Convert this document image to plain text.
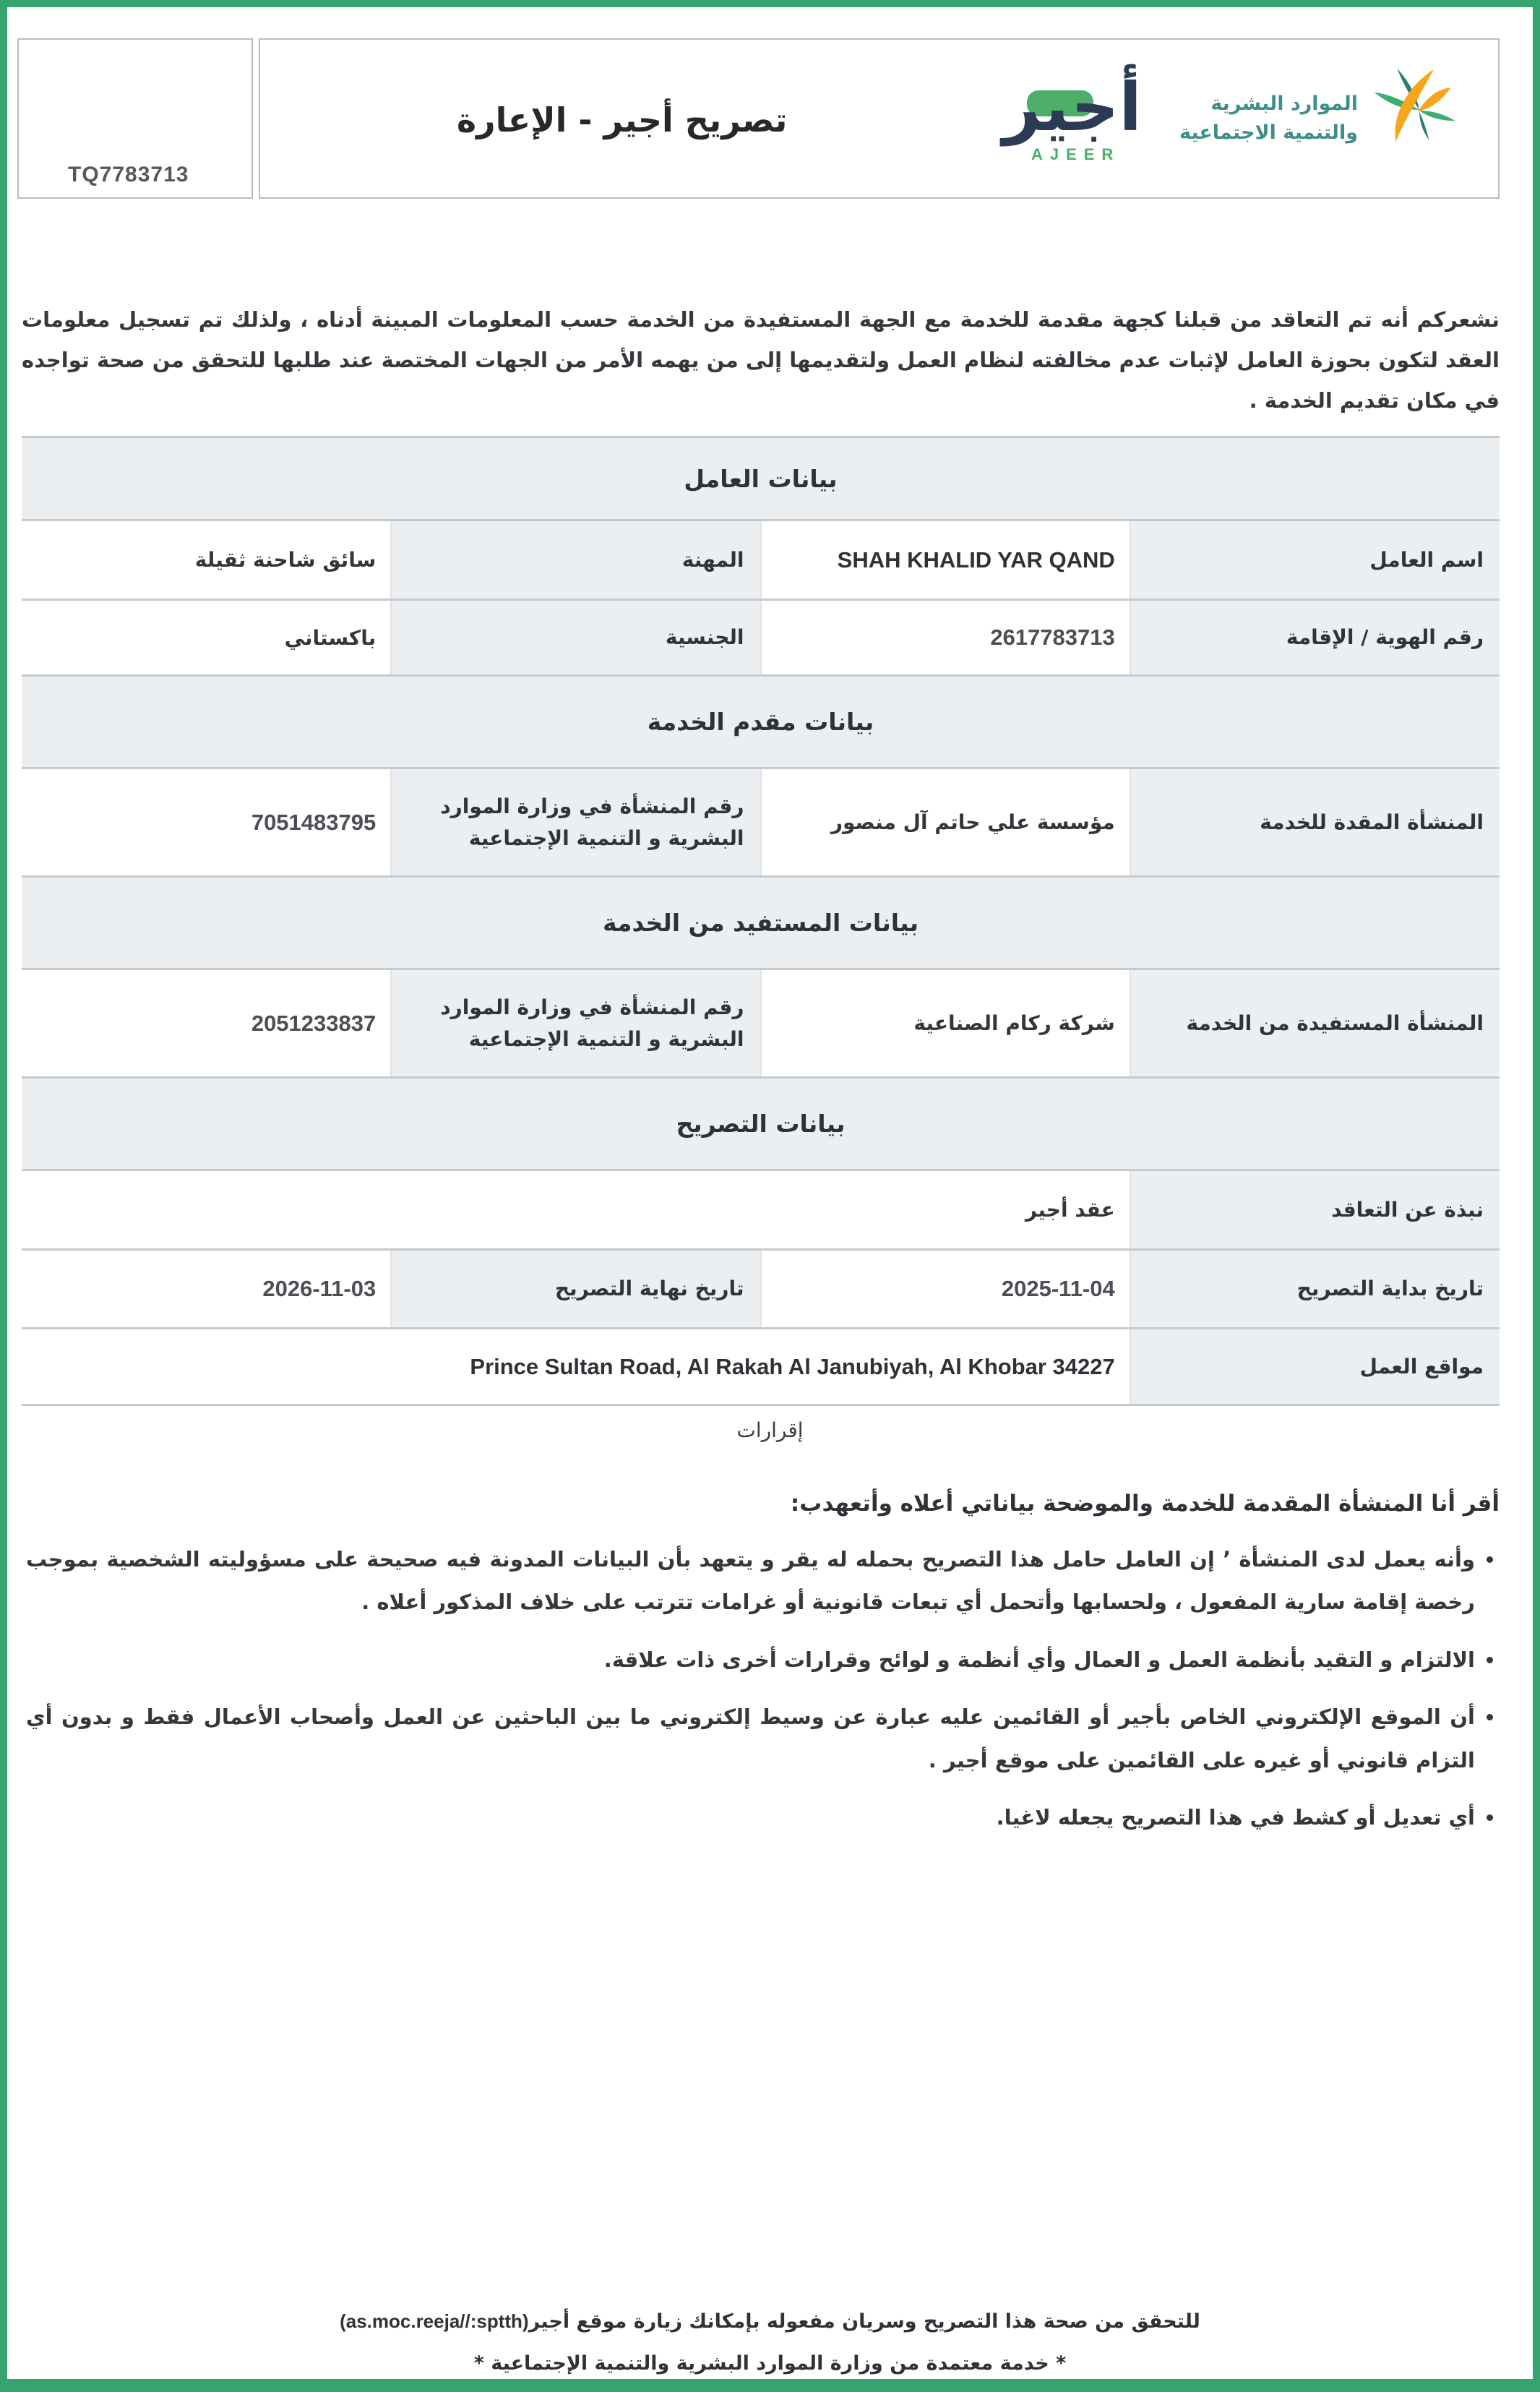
TQ7783713
تصريح أجير - الإعارة	أجير
AJEER
الموارد البشرية
والتنمية الاجتماعية
نشعركم أنه تم التعاقد من قبلنا كجهة مقدمة للخدمة مع الجهة المستفيدة من الخدمة حسب المعلومات المبينة أدناه ، ولذلك تم تسجيل معلومات
العقد لتكون بحوزة العامل لإثبات عدم مخالفته لنظام العمل ولتقديمها إلى من يهمه الأمر من الجهات المختصة عند طلبها للتحقق من صحة تواجده
في مكان تقديم الخدمة .
بيانات العامل			
اسم العامل	SHAH KHALID YAR QAND	المهنة	سائق شاحنة ثقيلة
رقم الهوية / الإقامة	2617783713	الجنسية	باكستاني
بيانات مقدم الخدمة			
المنشأة المقدة للخدمة	مؤسسة علي حاتم آل منصور	رقم المنشأة في وزارة الموارد البشرية و التنمية الإجتماعية	7051483795
بيانات المستفيد من الخدمة			
المنشأة المستفيدة من الخدمة	شركة ركام الصناعية	رقم المنشأة في وزارة الموارد البشرية و التنمية الإجتماعية	2051233837
بيانات التصريح			
نبذة عن التعاقد	عقد أجير		
تاريخ بداية التصريح	2025-11-04	تاريخ نهاية التصريح	2026-11-03
مواقع العمل	Prince Sultan Road, Al Rakah Al Janubiyah, Al Khobar 34227		
إقرارات
أقر أنا المنشأة المقدمة للخدمة والموضحة بياناتي أعلاه وأتعهدب:
• وأنه يعمل لدى المنشأة ’ إن العامل حامل هذا التصريح بحمله له يقر و يتعهد بأن البيانات المدونة فيه صحيحة على مسؤوليته الشخصية بموجب رخصة إقامة سارية المفعول ، ولحسابها وأتحمل أي تبعات قانونية أو غرامات تترتب على خلاف المذكور أعلاه .
• الالتزام و التقيد بأنظمة العمل و العمال وأي أنظمة و لوائح وقرارات أخرى ذات علاقة.
• أن الموقع الإلكتروني الخاص بأجير أو القائمين عليه عبارة عن وسيط إلكتروني ما بين الباحثين عن العمل وأصحاب الأعمال فقط و بدون أي التزام قانوني أو غيره على القائمين على موقع أجير .
• أي تعديل أو كشط في هذا التصريح يجعله لاغيا.
للتحقق من صحة هذا التصريح وسريان مفعوله بإمكانك زيارة موقع أجير(as.moc.reeja//:sptth)
* خدمة معتمدة من وزارة الموارد البشرية والتنمية الإجتماعية *
